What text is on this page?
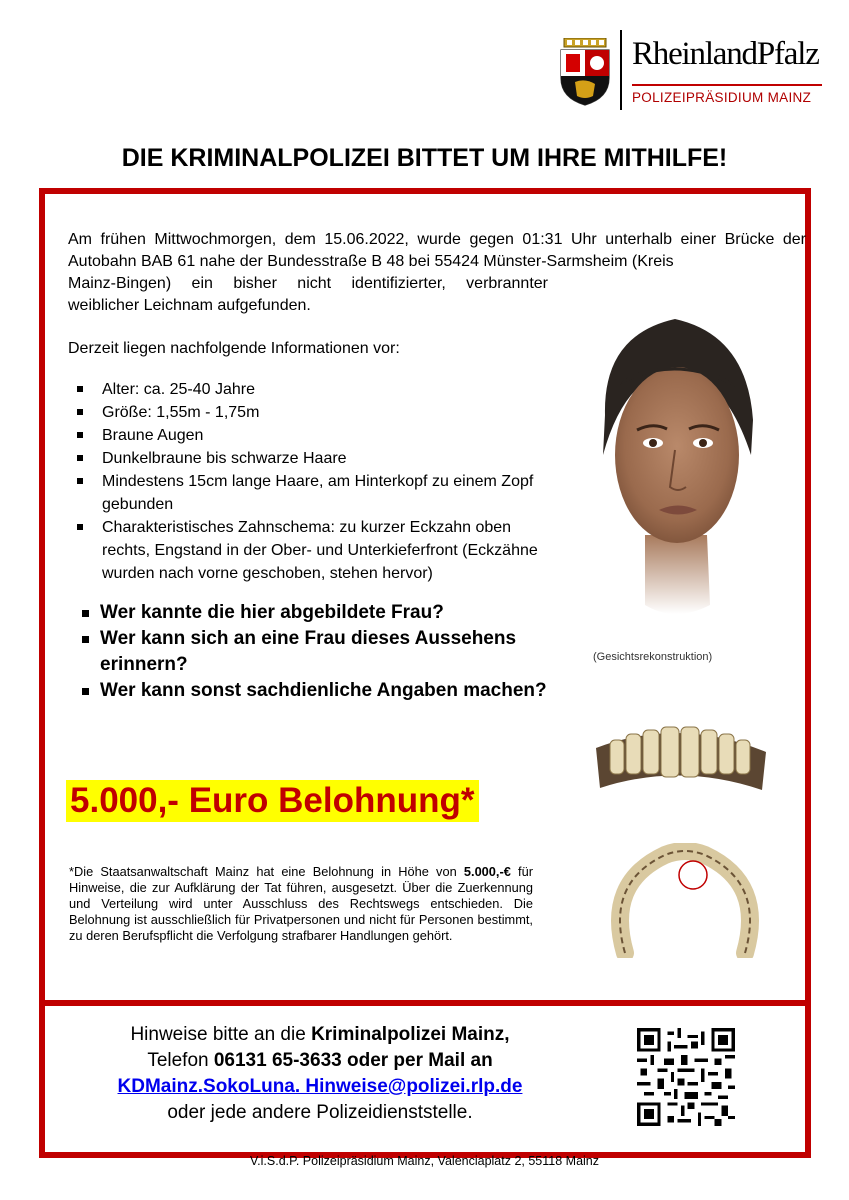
RheinlandPfalz
POLIZEIPRÄSIDIUM MAINZ
DIE KRIMINALPOLIZEI BITTET UM IHRE MITHILFE!

Am frühen Mittwochmorgen, dem 15.06.2022, wurde gegen 01:31 Uhr unterhalb einer Brücke der Autobahn BAB 61 nahe der Bundesstraße B 48 bei 55424 Münster-Sarmsheim (Kreis

Mainz-Bingen) ein bisher nicht identifizierter, verbrannter

weiblicher Leichnam aufgefunden.

Derzeit liegen nachfolgende Informationen vor:
Alter: ca. 25-40 Jahre
Größe: 1,55m - 1,75m
Braune Augen
Dunkelbraune bis schwarze Haare
Mindestens 15cm lange Haare, am Hinterkopf zu einem Zopf gebunden
Charakteristisches Zahnschema: zu kurzer Eckzahn oben rechts, Engstand in der Ober- und Unterkieferfront (Eckzähne wurden nach vorne geschoben, stehen hervor)
Wer kannte die hier abgebildete Frau?
Wer kann sich an eine Frau dieses Aussehens erinnern?
Wer kann sonst sachdienliche Angaben machen?
5.000,- Euro Belohnung*
*Die Staatsanwaltschaft Mainz hat eine Belohnung in Höhe von 5.000,-€ für Hinweise, die zur Aufklärung der Tat führen, ausgesetzt. Über die Zuerkennung und Verteilung wird unter Ausschluss des Rechtswegs entschieden. Die Belohnung ist ausschließlich für Privatpersonen und nicht für Personen bestimmt, zu deren Berufspflicht die Verfolgung strafbarer Handlungen gehört.
(Gesichtsrekonstruktion)
Hinweise bitte an die Kriminalpolizei Mainz,
Telefon 06131 65-3633 oder per Mail an
KDMainz.SokoLuna. Hinweise@polizei.rlp.de
oder jede andere Polizeidienststelle.
V.i.S.d.P. Polizeipräsidium Mainz, Valenciaplatz 2, 55118 Mainz
